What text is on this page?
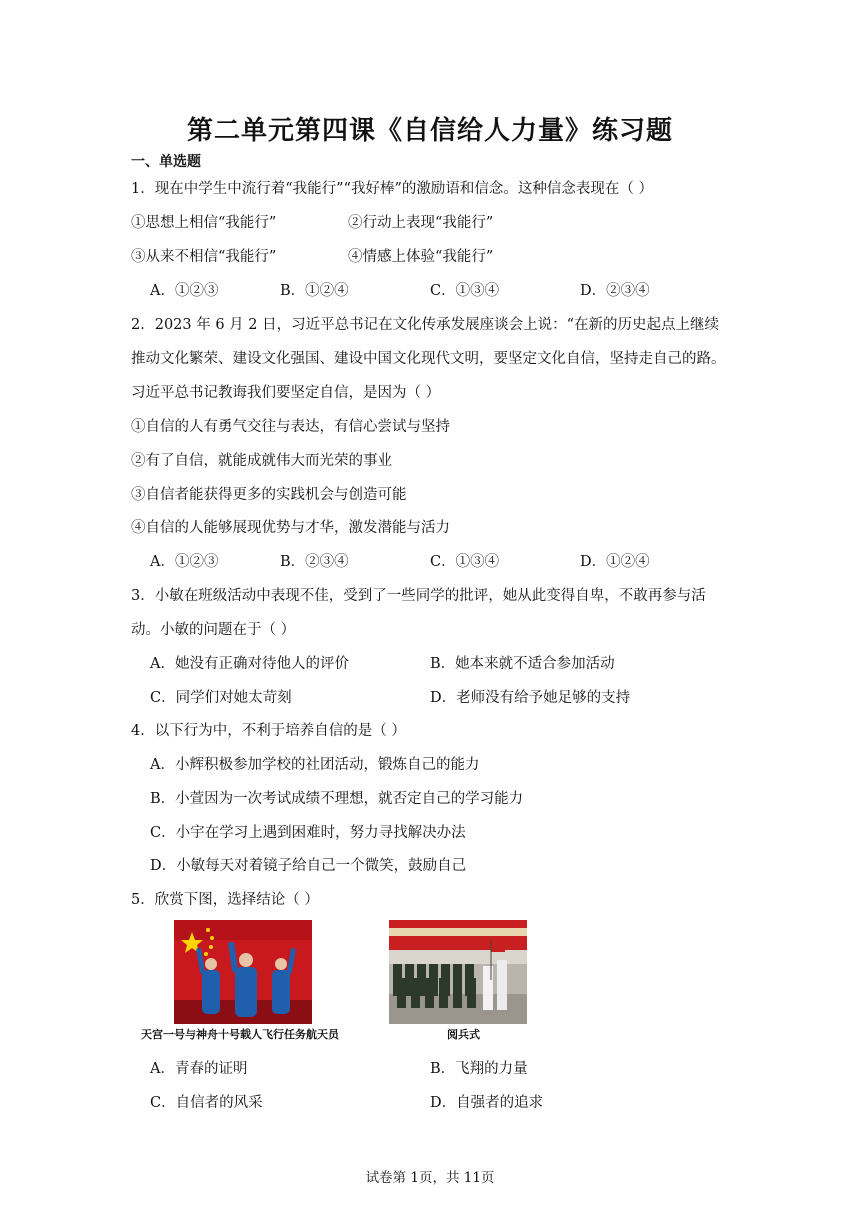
第二单元第四课《自信给人力量》练习题
一、单选题
1．现在中学生中流行着“我能行”“我好棒”的激励语和信念。这种信念表现在（ ）
①思想上相信“我能行”	②行动上表现“我能行”
③从来不相信“我能行”	④情感上体验“我能行”
A．①②③	B．①②④	C．①③④	D．②③④
2．2023 年 6 月 2 日，习近平总书记在文化传承发展座谈会上说：“在新的历史起点上继续
推动文化繁荣、建设文化强国、建设中国文化现代文明，要坚定文化自信，坚持走自己的路。
习近平总书记教诲我们要坚定自信，是因为（ ）
①自信的人有勇气交往与表达，有信心尝试与坚持
②有了自信，就能成就伟大而光荣的事业
③自信者能获得更多的实践机会与创造可能
④自信的人能够展现优势与才华，激发潜能与活力
A．①②③	B．②③④	C．①③④	D．①②④
3．小敏在班级活动中表现不佳，受到了一些同学的批评，她从此变得自卑，不敢再参与活
动。小敏的问题在于（ ）
A．她没有正确对待他人的评价	B．她本来就不适合参加活动
C．同学们对她太苛刻	D．老师没有给予她足够的支持
4．以下行为中，不利于培养自信的是（ ）
A．小辉积极参加学校的社团活动，锻炼自己的能力
B．小萱因为一次考试成绩不理想，就否定自己的学习能力
C．小宇在学习上遇到困难时，努力寻找解决办法
D．小敏每天对着镜子给自己一个微笑，鼓励自己
5．欣赏下图，选择结论（ ）
天宫一号与神舟十号载人飞行任务航天员	阅兵式
A．青春的证明	B．飞翔的力量
C．自信者的风采	D．自强者的追求
试卷第 1页，共 11页
